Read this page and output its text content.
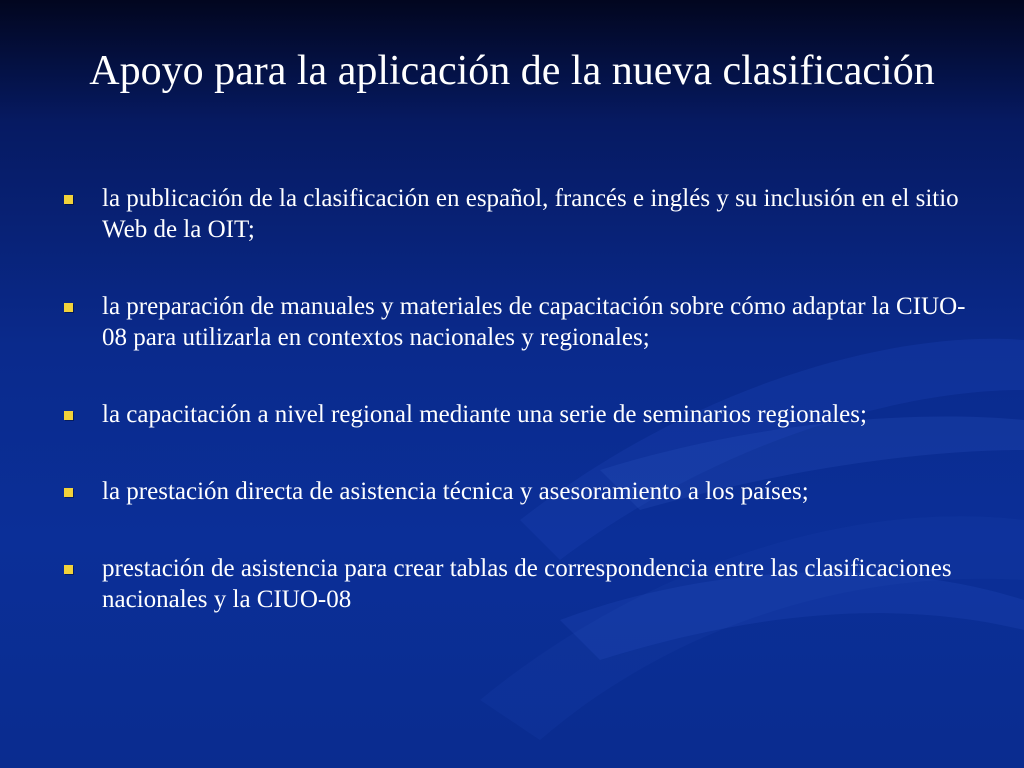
Apoyo para la aplicación de la nueva clasificación
la publicación de la clasificación en español, francés e inglés y su inclusión en el sitio Web de la OIT;
la preparación de manuales y materiales de capacitación sobre cómo adaptar la CIUO-08 para utilizarla en contextos nacionales y regionales;
la capacitación a nivel regional mediante una serie de seminarios regionales;
la prestación directa de asistencia técnica y asesoramiento a los países;
prestación de asistencia para crear tablas de correspondencia entre las clasificaciones nacionales y la CIUO-08
